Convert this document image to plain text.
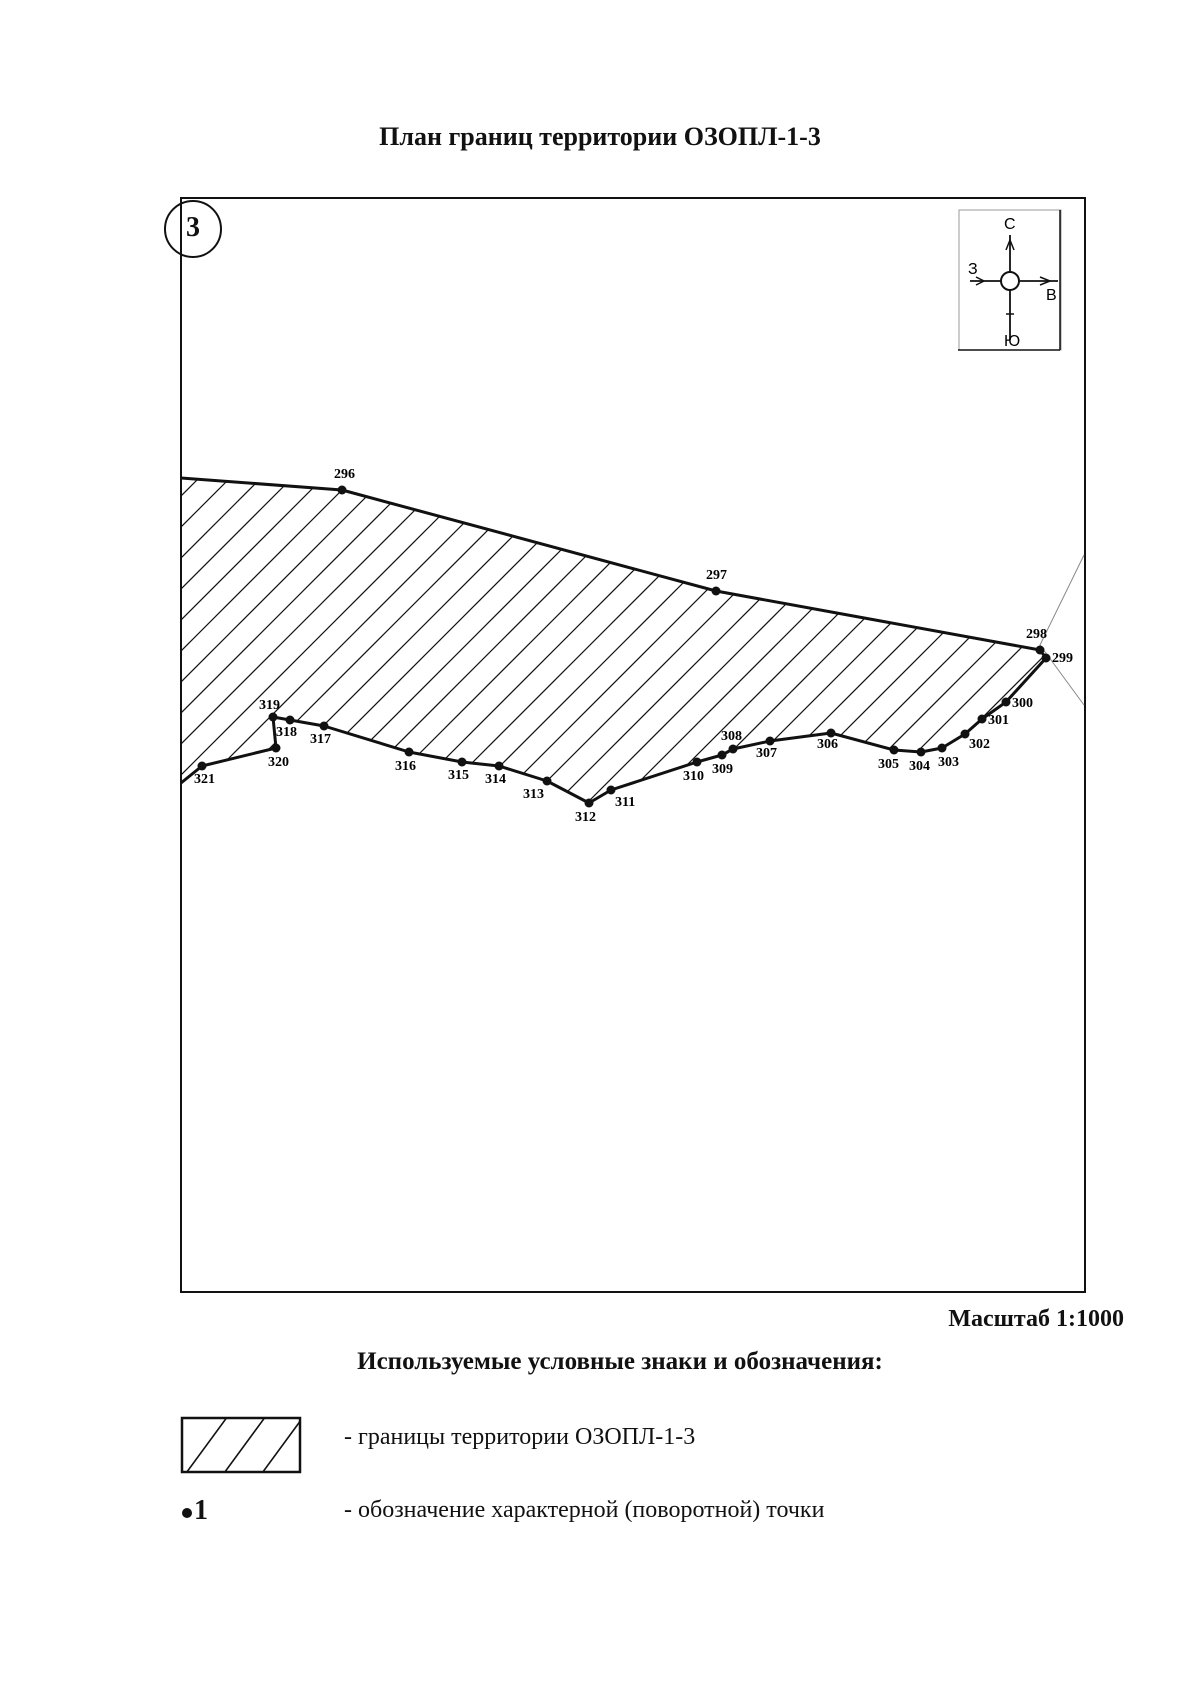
План границ территории ОЗОПЛ-1-3
296
297
298
299
300
301
302
303
304
305
306
307
308
309
310
311
312
313
314
315
316
317
318
319
320
321
С
В
З
Ю
3
Масштаб 1:1000
Используемые условные знаки и обозначения:
- границы территории ОЗОПЛ-1-3
1	- обозначение характерной (поворотной) точки
